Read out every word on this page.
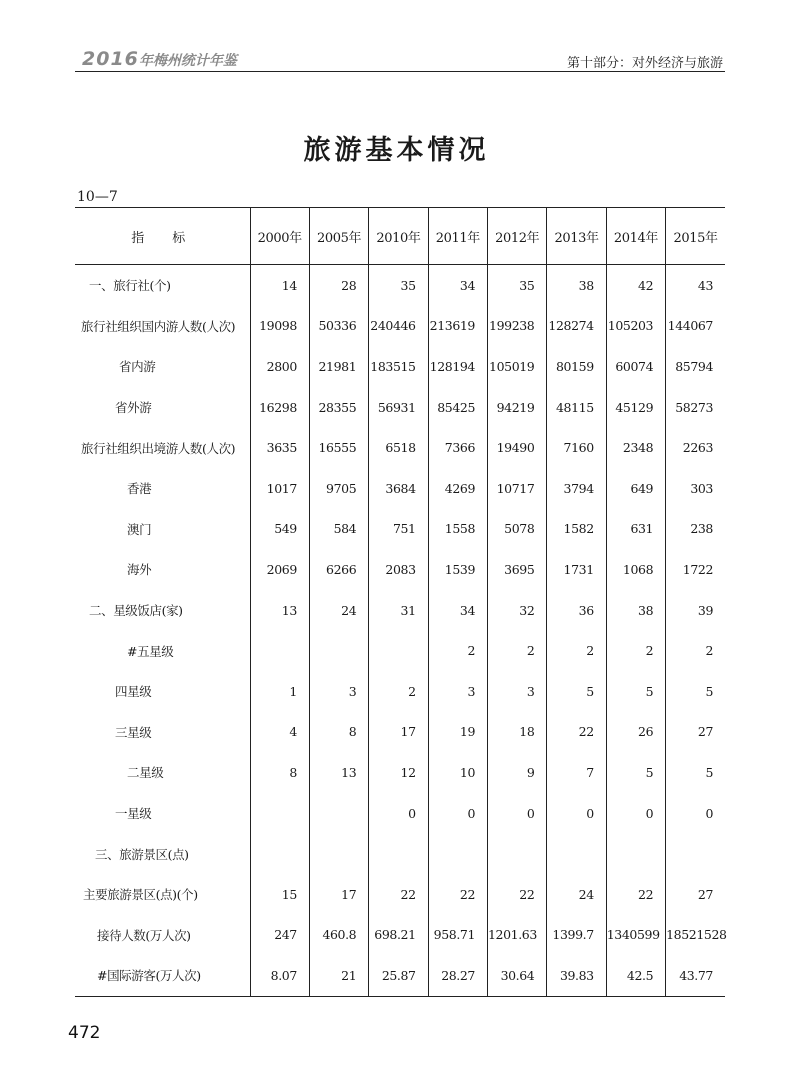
2016年梅州统计年鉴	第十部分：对外经济与旅游
旅游基本情况
10—7
指标	2000年	2005年	2010年	2011年	2012年	2013年	2014年	2015年
一、旅行社(个)	14	28	35	34	35	38	42	43
旅行社组织国内游人数(人次)	19098	50336	240446	213619	199238	128274	105203	144067
省内游	2800	21981	183515	128194	105019	80159	60074	85794
省外游	16298	28355	56931	85425	94219	48115	45129	58273
旅行社组织出境游人数(人次)	3635	16555	6518	7366	19490	7160	2348	2263
香港	1017	9705	3684	4269	10717	3794	649	303
澳门	549	584	751	1558	5078	1582	631	238
海外	2069	6266	2083	1539	3695	1731	1068	1722
二、星级饭店(家)	13	24	31	34	32	36	38	39
#五星级				2	2	2	2	2
四星级	1	3	2	3	3	5	5	5
三星级	4	8	17	19	18	22	26	27
二星级	8	13	12	10	9	7	5	5
一星级			0	0	0	0	0	0
三、旅游景区(点)								
主要旅游景区(点)(个)	15	17	22	22	22	24	22	27
接待人数(万人次)	247	460.8	698.21	958.71	1201.63	1399.7	1340599	18521528
#国际游客(万人次)	8.07	21	25.87	28.27	30.64	39.83	42.5	43.77
472
